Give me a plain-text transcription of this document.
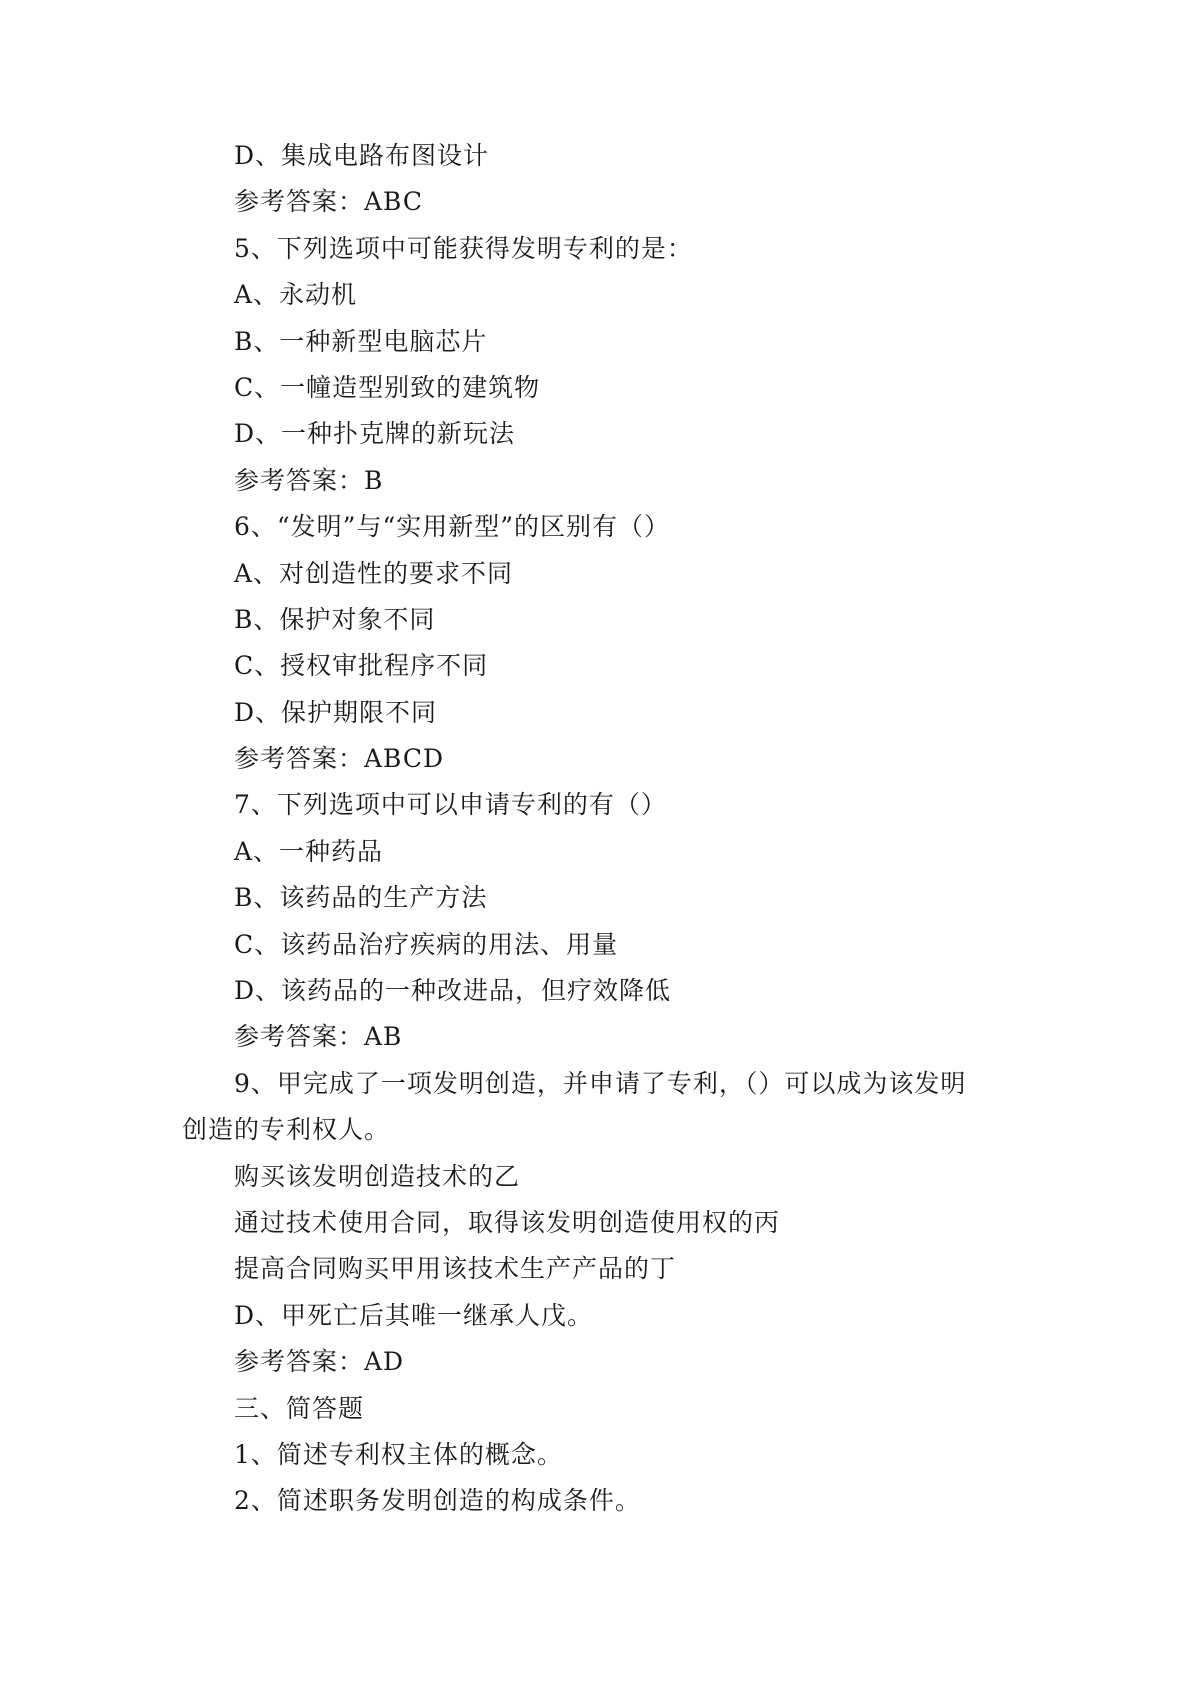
D、集成电路布图设计
参考答案：ABC
5、下列选项中可能获得发明专利的是：
A、永动机
B、一种新型电脑芯片
C、一幢造型别致的建筑物
D、一种扑克牌的新玩法
参考答案：B
6、“发明”与“实用新型”的区别有（）
A、对创造性的要求不同
B、保护对象不同
C、授权审批程序不同
D、保护期限不同
参考答案：ABCD
7、下列选项中可以申请专利的有（）
A、一种药品
B、该药品的生产方法
C、该药品治疗疾病的用法、用量
D、该药品的一种改进品，但疗效降低
参考答案：AB
9、甲完成了一项发明创造，并申请了专利，（）可以成为该发明
创造的专利权人。
购买该发明创造技术的乙
通过技术使用合同，取得该发明创造使用权的丙
提高合同购买甲用该技术生产产品的丁
D、甲死亡后其唯一继承人戊。
参考答案：AD
三、简答题
1、简述专利权主体的概念。
2、简述职务发明创造的构成条件。
